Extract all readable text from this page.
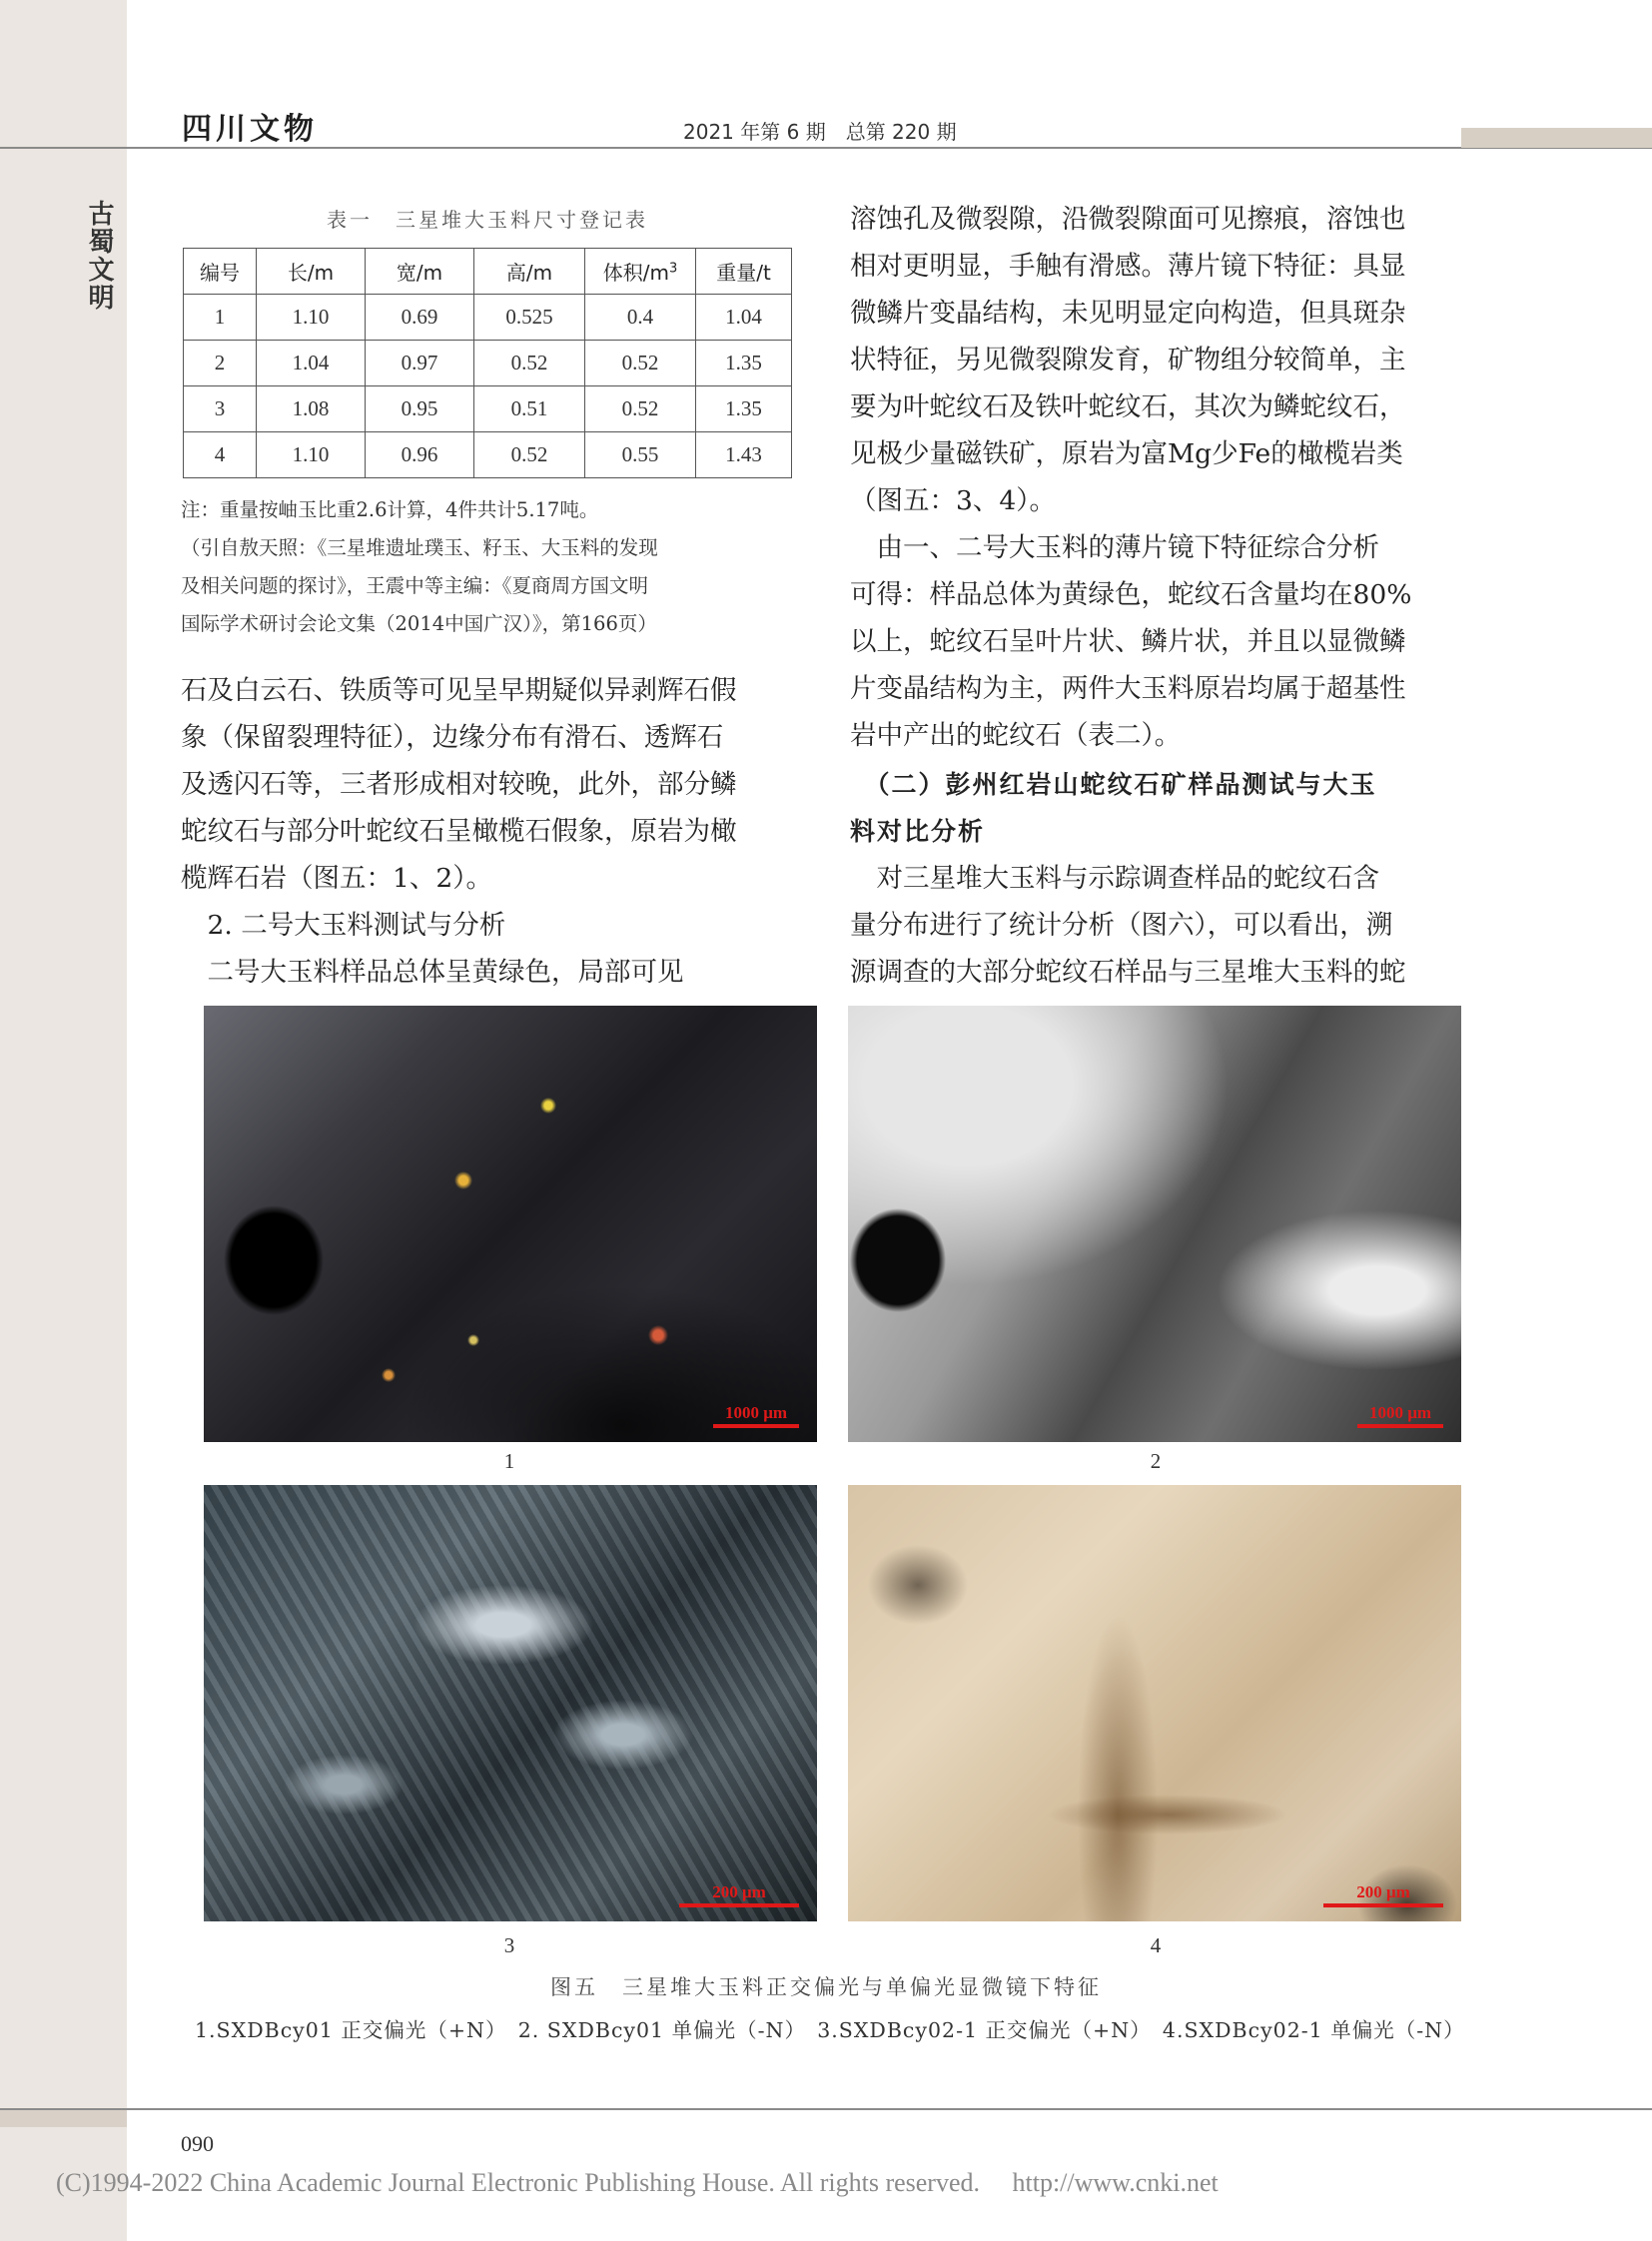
古蜀文明
四川文物	2021 年第 6 期　总第 220 期
表一　三星堆大玉料尺寸登记表
编号	长/m	宽/m	高/m	体积$/m^3$	重量/t
1	1.10	0.69	0.525	0.4	1.04
2	1.04	0.97	0.52	0.52	1.35
3	1.08	0.95	0.51	0.52	1.35
4	1.10	0.96	0.52	0.55	1.43
注：重量按岫玉比重2.6计算，4件共计5.17吨。
（引自敖天照：《三星堆遗址璞玉、籽玉、大玉料的发现
及相关问题的探讨》，王震中等主编：《夏商周方国文明
国际学术研讨会论文集（2014中国广汉）》，第166页）
石及白云石、铁质等可见呈早期疑似异剥辉石假
象（保留裂理特征），边缘分布有滑石、透辉石
及透闪石等，三者形成相对较晚，此外，部分鳞
蛇纹石与部分叶蛇纹石呈橄榄石假象，原岩为橄
榄辉石岩（图五：1、2）。
　2. 二号大玉料测试与分析
　二号大玉料样品总体呈黄绿色，局部可见
溶蚀孔及微裂隙，沿微裂隙面可见擦痕，溶蚀也
相对更明显，手触有滑感。薄片镜下特征：具显
微鳞片变晶结构，未见明显定向构造，但具斑杂
状特征，另见微裂隙发育，矿物组分较简单，主
要为叶蛇纹石及铁叶蛇纹石，其次为鳞蛇纹石，
见极少量磁铁矿，原岩为富Mg少Fe的橄榄岩类
（图五：3、4）。
　由一、二号大玉料的薄片镜下特征综合分析
可得：样品总体为黄绿色，蛇纹石含量均在80%
以上，蛇纹石呈叶片状、鳞片状，并且以显微鳞
片变晶结构为主，两件大玉料原岩均属于超基性
岩中产出的蛇纹石（表二）。
　（二）彭州红岩山蛇纹石矿样品测试与大玉
料对比分析
　对三星堆大玉料与示踪调查样品的蛇纹石含
量分布进行了统计分析（图六），可以看出，溯
源调查的大部分蛇纹石样品与三星堆大玉料的蛇
1000 μm	1000 μm
200 μm	200 μm
1	2
3	4
图五　三星堆大玉料正交偏光与单偏光显微镜下特征
1.SXDBcy01 正交偏光（+N）　2. SXDBcy01 单偏光（-N）　3.SXDBcy02-1 正交偏光（+N）　4.SXDBcy02-1 单偏光（-N）
090
(C)1994-2022 China Academic Journal Electronic Publishing House. All rights reserved.　 http://www.cnki.net
